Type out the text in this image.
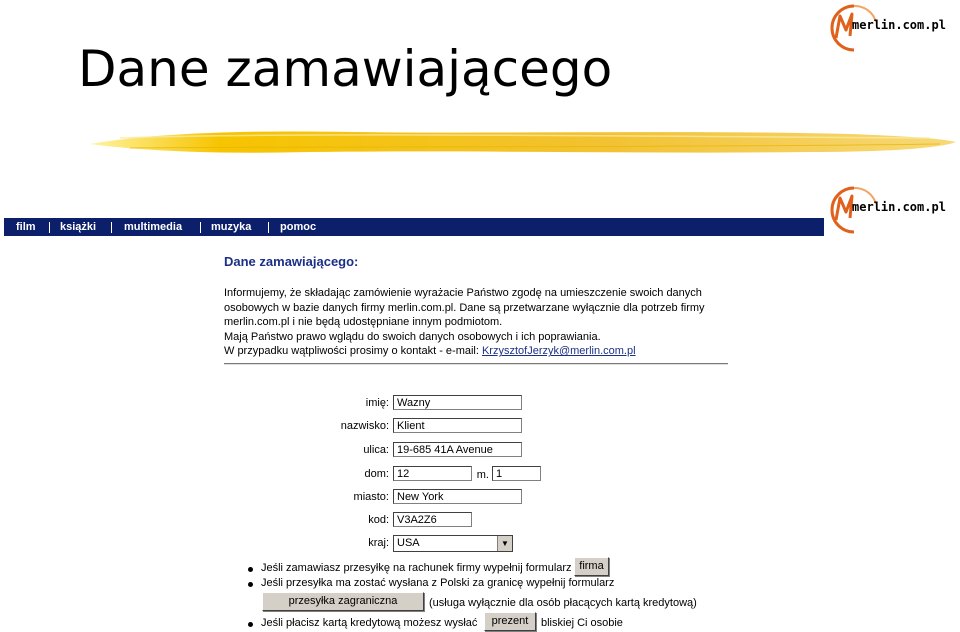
Dane zamawiającego
merlin.com.pl
film książki	multimedia	muzyka	pomoc
merlin.com.pl
Dane zamawiającego:
Informujemy, że składając zamówienie wyrażacie Państwo zgodę na umieszczenie swoich danych
osobowych w bazie danych firmy merlin.com.pl. Dane są przetwarzane wyłącznie dla potrzeb firmy
merlin.com.pl i nie będą udostępniane innym podmiotom.
Mają Państwo prawo wglądu do swoich danych osobowych i ich poprawiania.
W przypadku wątpliwości prosimy o kontakt - e-mail: KrzysztofJerzyk@merlin.com.pl
imię: Wazny
nazwisko: Klient
ulica: 19-685 41A Avenue
dom: 12	m. 1
miasto: New York
kod: V3A2Z6
kraj: USA	▼
Jeśli zamawiasz przesyłkę na rachunek firmy wypełnij formularz firma
Jeśli przesyłka ma zostać wysłana z Polski za granicę wypełnij formularz
przesyłka zagraniczna	(usługa wyłącznie dla osób płacących kartą kredytową)
Jeśli płacisz kartą kredytową możesz wysłać	prezent	bliskiej Ci osobie
